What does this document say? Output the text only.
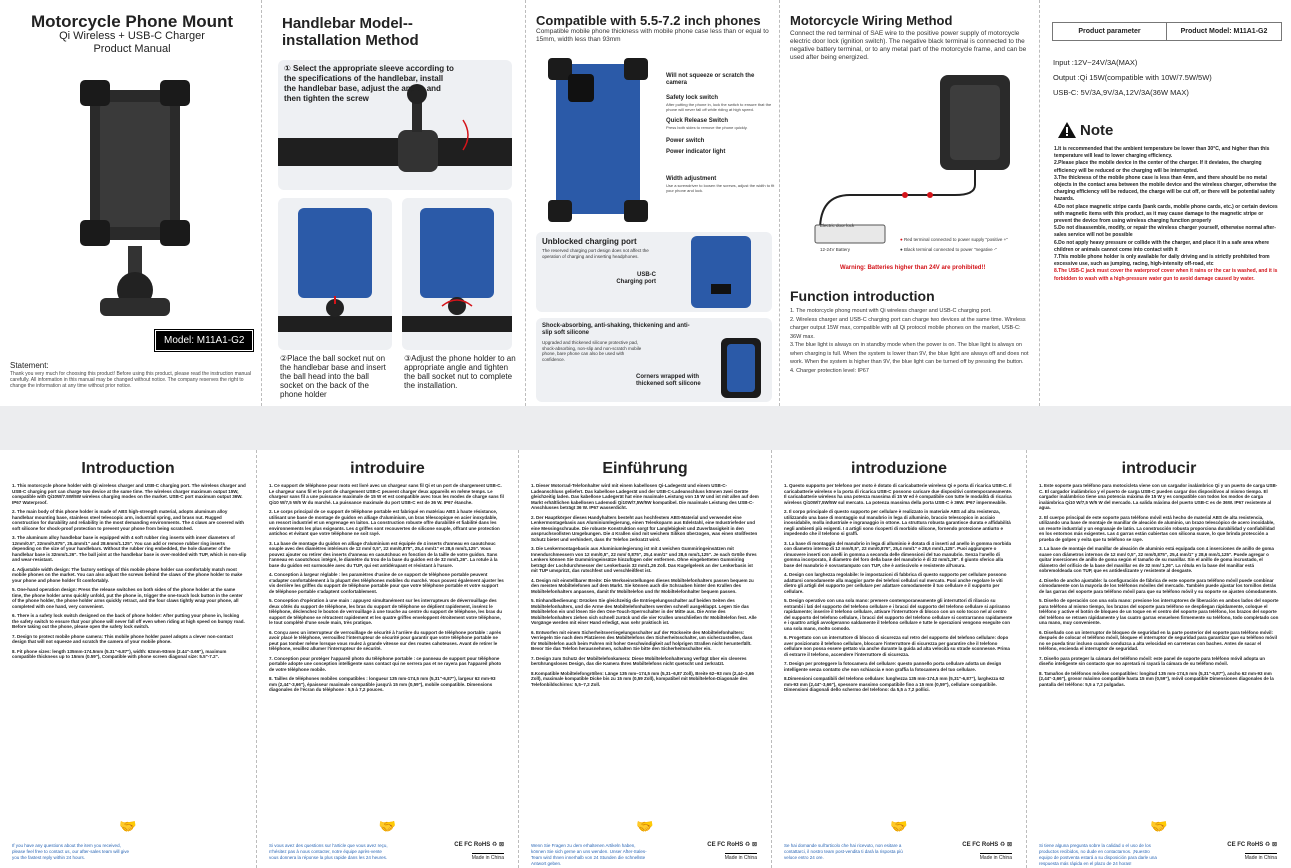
Motorcycle Phone Mount
Qi Wireless + USB-C Charger
Product Manual
Model: M11A1-G2
Statement:
Thank you very much for choosing this product! Before using this product, please read the instruction manual carefully. All information in this manual may be changed without notice. The company reserves the right to change the information at any time without prior notice.
Handlebar Model--installation Method
① Select the appropriate sleeve according to the specifications of the handlebar, install the handlebar base, adjust the angle, and then tighten the screw
②Place the ball socket nut on the handlebar base and insert the ball head into the ball socket on the back of the phone holder
③Adjust the phone holder to an appropriate angle and tighten the ball socket nut to complete the installation.
Compatible with 5.5-7.2 inch phones
Compatible mobile phone thickness with mobile phone case less than or equal to 15mm, width less than 93mm
Will not squeeze or scratch the camera
Safety lock switch
After putting the phone in, lock the switch to ensure that the phone will never fall off while riding at high speed.
Quick Release Switch
Press both sides to remove the phone quickly.
Power switch
Power indicator light
Width adjustment
Use a screwdriver to loosen the screws, adjust the width to fit your phone and lock.
Unblocked charging port
The reserved charging port design does not affect the operation of charging and inserting headphones.
USB-C Charging port
Shock-absorbing, anti-shaking, thickening and anti-slip soft silicone
Upgraded and thickened silicone protective pad, shock-absorbing, non-slip and non-scratch mobile phone, bare phone can also be used with confidence.
Corners wrapped with thickened soft silicone
Motorcycle Wiring Method
Connect the red terminal of SAE wire to the positive power supply of motorcycle electric door lock (ignition switch). The negative black terminal is connected to the negative battery terminal, or to any metal part of the motorcycle frame, and can be used after being energized.
Electric door lock
12-24V Battery
● Red terminal connected to power supply "positive +"
● Black terminal connected to power "negative -"
Warning: Batteries higher than 24V are prohibited!!
Function introduction
1. The motorcycle phong mount with Qi wireless charger and USB-C charging port.
2. Wireless charger and USB-C charging port can charge two devices at the same time. Wireless charger output 15W max, compatible with all Qi protocol mobile phones on the market, USB-C: 36W max.
3.The blue light is always on in standby mode when the power is on. The blue light is always on when charging is full. When the system is lower than 9V, the blue light are always off and does not work. When the system is higher than 9V, the blue light can be turned off by pressing the button.
4. Charger protection level: IP67
Product parameter	Product Model: M11A1-G2
Input :12V~24V/3A(MAX)
Output :Qi 15W(compatible with 10W/7.5W/5W)
USB-C: 5V/3A,9V/3A,12V/3A(36W MAX)
Note
1.It is recommended that the ambient temperature be lower than 30°C, and higher than this temperature will lead to lower charging efficiency.
2.Please place the mobile device in the center of the charger. If it deviates, the charging efficiency will be reduced or the charging will be interrupted.
3.The thickness of the mobile phone case is less than 4mm, and there should be no metal objects in the contact area between the mobile device and the wireless charger, otherwise the charging efficiency will be reduced, the charge will be cut off, or there will be potential safety hazards.
4.Do not place magnetic stripe cards (bank cards, mobile phone cards, etc.) or certain devices with magnetic items with this product, as it may cause damage to the magnetic stripe or prevent the device from using wireless charging function properly
5.Do not disassemble, modify, or repair the wireless charger yourself, otherwise normal after-sales service will not be possible
6.Do not apply heavy pressure or collide with the charger, and place it in a safe area where children or animals cannot come into contact with it
7.This mobile phone holder is only available for daily driving and is strictly prohibited from excessive use, such as jumping, racing, high-intensity off-road, etc
8.The USB-C jack must cover the waterproof cover when it rains or the car is washed, and it is forbidden to wash with a high-pressure water gun to avoid damage caused by water.
Introduction

1. This motorcycle phone holder with Qi wireless charger and USB-C charging port. The wireless charger and USB-C charging port can charge two device at the same time. The wireless charger maximum output 15W, compatible with Qi10W/7.5W/5W wireless charging modes on the market. USB-C port maximum output 36W. IP67 Waterproof.

2. The main body of this phone holder is made of ABS high-strength material, adopts aluminum alloy handlebar mounting base, stainless steel telescopic arm, industrial spring, and brass nut. Rugged construction for durability and reliability in the most demanding environments. The 4 claws are covered with soft silicone for shock-proof protection to prevent your phone from being scratched.

3. The aluminum alloy handlebar base is equipped with 4 soft rubber ring inserts with inner diameters of 12mm/0.5", 22mm/0.875", 25.4mm/1" and 28.6mm/1.125". You can add or remove rubber ring inserts depending on the size of your handlebars. Without the rubber ring embedded, the hole diameter of the handlebar base is 32mm/1.26". The ball joint at the handlebar base is over-molded with TUP, which is non-slip and wear-resistant.

4. Adjustable width design: The factory settings of this mobile phone holder can comfortably match most mobile phones on the market. You can also adjust the screws behind the claws of the phone holder to make your phone and phone holder fit comfortably.

5. One-hand operation design: Press the release switches on both sides of the phone holder at the same time, the phone holder arms quickly unfold, put the phone in, trigger the one-touch lock button in the center of the phone holder, the phone holder arms quickly retract, and the four claws tightly wrap your phone, all completed with one hand, very convenient.

6. There is a safety lock switch designed on the back of phone holder: After putting your phone in, locking the safety switch to ensure that your phone will never fall off even when riding at high speed on bumpy road. Before taking out the phone, please open the safety lock switch.

7. Design to protect mobile phone camera: This mobile phone holder panel adopts a clever non-contact design that will not squeeze and scratch the camera of your mobile phone.

8. Fit phone sizes: length 135mm-174.5mm (5.31"-6.87"), width: 62mm-93mm (2.44"-3.66"), maximum compatible thickness up to 15mm (0.59"), Compatible with phone screen diagonal size: 5.5"-7.2".

🤝
If you have any questions about the item you received, please feel free to contact us, our after-sales team will give you the fastest reply within 24 hours.
introduire

1. Ce support de téléphone pour moto est livré avec un chargeur sans fil Qi et un port de chargement USB-C. Le chargeur sans fil et le port de chargement USB-C peuvent charger deux appareils en même temps. Le chargeur sans fil a une puissance maximale de 15 W et est compatible avec tous les modes de charge sans fil Qi10 W/7,5 W/5 W du marché. La puissance maximale du port USB-C est de 36 W. IP67 étanche.

2. Le corps principal de ce support de téléphone portable est fabriqué en matériau ABS à haute résistance, utilisant une base de montage de guidon en alliage d'aluminium, un bras télescopique en acier inoxydable, un ressort industriel et un engrenage en laiton. La construction robuste offre durabilité et fiabilité dans les environnements les plus exigeants. Les 4 griffes sont recouvertes de silicone souple, offrant une protection antichoc et évitant que votre téléphone ne soit rayé.

3. La base de montage du guidon en alliage d'aluminium est équipée de 4 inserts d'anneau en caoutchouc souple avec des diamètres intérieurs de 12 mm/ 0,5", 22 mm/0,875", 25,4 mm/1" et 28,6 mm/1,125". Vous pouvez ajouter ou retirer des inserts d'anneau en caoutchouc en fonction de la taille de votre guidon. Sans l'anneau en caoutchouc intégré, le diamètre du trou de la base du guidon est de 32 mm/1,26". La rotule à la base du guidon est surmoulée avec du TUP, qui est antidérapant et résistant à l'usure.

4. Conception à largeur réglable : les paramètres d'usine de ce support de téléphone portable peuvent s'adapter confortablement à la plupart des téléphones mobiles du marché. Vous pouvez également ajuster les vis derrière les griffes du support de téléphone portable pour que votre téléphone portable et votre support de téléphone portable s'adaptent confortablement.

5. Conception d'opération à une main : appuyez simultanément sur les interrupteurs de déverrouillage des deux côtés du support de téléphone, les bras du support de téléphone se déplient rapidement, insérez le téléphone, déclenchez le bouton de verrouillage à une touche au centre du support de téléphone, les bras du support de téléphone se rétractent rapidement et les quatre griffes enveloppent étroitement votre téléphone, le tout complété d'une seule main, très pratique.

6. Conçu avec un interrupteur de verrouillage de sécurité à l'arrière du support de téléphone portable : après avoir placé le téléphone, verrouillez l'interrupteur de sécurité pour garantir que votre téléphone portable ne peut pas tomber même lorsque vous roulez à grande vitesse sur des routes cahoteuses. Avant de retirer le téléphone, veuillez allumer l'interrupteur de sécurité.

7. Conception pour protéger l'appareil photo du téléphone portable : ce panneau de support pour téléphone portable adopte une conception intelligente sans contact qui ne serrera pas et ne rayera pas l'appareil photo de votre téléphone mobile.

8. Tailles de téléphones mobiles compatibles : longueur 135 mm-174,5 mm (5,31"-6,87"), largeur 62 mm-93 mm (2,44"-3,66"), épaisseur maximale compatible jusqu'à 15 mm (0,59"), mobile compatible. Dimensions diagonales de l'écran du téléphone : 5,5 à 7,2 pouces.

🤝
Si vous avez des questions sur l'article que vous avez reçu, n'hésitez pas à nous contacter, notre équipe après-vente vous donnera la réponse la plus rapide dans les 24 heures.
CE FC RoHS ♻ ⊠
Made in China
Einführung

1. Dieser Motorrad-Telefonhalter wird mit einem kabellosen Qi-Ladegerät und einem USB-C-Ladeanschluss geliefert. Das kabellose Ladegerät und der USB-C-Ladeanschluss können zwei Geräte gleichzeitig laden. Das kabellose Ladegerät hat eine maximale Leistung von 15 W und ist mit allen auf dem Markt erhältlichen kabellosen Lademodi Qi10W/7,5W/5W kompatibel. Die maximale Leistung des USB-C-Anschlusses beträgt 36 W. IP67 wasserdicht.

2. Der Hauptkörper dieses Handyhalters besteht aus hochfestem ABS-Material und verwendet eine Lenkermontagebasis aus Aluminiumlegierung, einen Teleskoparm aus Edelstahl, eine Industriefeder und eine Messingschraube. Die robuste Konstruktion sorgt für Langlebigkeit und Zuverlässigkeit in den anspruchsvollsten Umgebungen. Die 4 Krallen sind mit weichem Silikon überzogen, was einen stoßfesten Schutz bietet und verhindert, dass Ihr Telefon zerkratzt wird.

3. Die Lenkermontagebasis aus Aluminiumlegierung ist mit 4 weichen Gummiringeinsätzen mit Innendurchmessern von 12 mm/0,5", 22 mm/ 0,875", 25,4 mm/1" und 28,6 mm/1,125". Je nach Größe Ihres Lenkers können Sie Gummiringeinsätze hinzufügen oder entfernen. Ohne eingebetteten Gummiring beträgt der Lochdurchmesser der Lenkerbasis 32 mm/1,26 Zoll. Das Kugelgelenk an der Lenkerbasis ist mit TUP umspritzt, das rutschfest und verschleißfest ist.

4. Design mit einstellbarer Breite: Die Werkseinstellungen dieses Mobiltelefonhalters passen bequem zu den meisten Mobiltelefonen auf dem Markt. Sie können auch die Schrauben hinter den Krallen des Mobiltelefonhalters anpassen, damit Ihr Mobiltelefon und Ihr Mobiltelefonhalter bequem passen.

5. Einhandbedienung: Drücken Sie gleichzeitig die Entriegelungsschalter auf beiden Seiten des Mobiltelefonhalters, und die Arme des Mobiltelefonhalters werden schnell ausgeklappt. Legen Sie das Mobiltelefon ein und lösen Sie den One-Touch-Sperrschalter in der Mitte aus. Die Arme des Mobiltelefonhalters ziehen sich schnell zurück und die vier Krallen umschließen Ihr Mobiltelefon fest. Alle Vorgänge werden mit einer Hand erledigt, was sehr praktisch ist.

6. Entworfen mit einem Sicherheitsverriegelungsschalter auf der Rückseite des Mobiltelefonhalters: Verriegeln Sie nach dem Platzieren des Mobiltelefons den Sicherheitsschalter, um sicherzustellen, dass Ihr Mobiltelefon auch beim Fahren mit hoher Geschwindigkeit auf holprigen Straßen nicht herunterfällt. Bevor Sie das Telefon herausnehmen, schalten Sie bitte den Sicherheitsschalter ein.

7. Design zum Schutz der Mobiltelefonkamera: Diese Mobiltelefonhalterung verfügt über ein cleveres berührungsloses Design, das die Kamera Ihres Mobiltelefons nicht quetscht und zerkratzt.

8.Kompatible Mobiltelefongrößen: Länge 135 mm–174,5 mm (5,31–6,87 Zoll), Breite 62–93 mm (2,44–3,66 Zoll), maximale kompatible Dicke bis zu 15 mm (0,59 Zoll), kompatibel mit Mobiltelefon-Diagonale des Telefonbildschirms: 5,5–7,2 Zoll.

🤝
Wenn Sie Fragen zu dem erhaltenen Artikeln haben, können Sie sich gerne an uns wenden. Unser After-Sales-Team wird Ihnen innerhalb von 24 Stunden die schnellste Antwort geben.
CE FC RoHS ♻ ⊠
Made in China
introduzione

1. Questo supporto per telefono per moto è dotato di caricabatterie wireless Qi e porta di ricarica USB-C. Il caricabatterie wireless e la porta di ricarica USB-C possono caricare due dispositivi contemporaneamente. Il caricabatterie wireless ha una potenza massima di 15 W ed è compatibile con tutte le modalità di ricarica wireless Qi10W/7,5W/5W sul mercato. La potenza massima della porta USB-C è 36W. IP67 impermeabile.

2. Il corpo principale di questo supporto per cellulare è realizzato in materiale ABS ad alta resistenza, utilizzando una base di montaggio sul manubrio in lega di alluminio, braccio telescopico in acciaio inossidabile, molla industriale e ingranaggio in ottone. La struttura robusta garantisce durata e affidabilità negli ambienti più esigenti. I 4 artigli sono ricoperti di morbido silicone, fornendo protezione antiurto e impedendo che il telefono si graffi.

3. La base di montaggio del manubrio in lega di alluminio è dotata di 4 inserti ad anello in gomma morbida con diametro interno di 12 mm/0,5", 22 mm/0,875", 25,4 mm/1" e 28,6 mm/1,125". Puoi aggiungere o rimuovere inserti con anelli in gomma a seconda delle dimensioni del tuo manubrio. Senza l'anello di gomma incorporato, il diametro del foro della base del manubrio è di 32 mm/1,26". Il giunto sferico alla base del manubrio è sovrastampato con TUP, che è antiscivolo e resistente all'usura.

4. Design con larghezza regolabile: le impostazioni di fabbrica di questo supporto per cellulare possono adattarsi comodamente alla maggior parte dei telefoni cellulari sul mercato. Puoi anche regolare le viti dietro gli artigli del supporto per cellulare per adattare comodamente il tuo cellulare e il supporto per cellulare.

5. Design operativo con una sola mano: premere contemporaneamente gli interruttori di rilascio su entrambi i lati del supporto del telefono cellulare e i bracci del supporto del telefono cellulare si apriranno rapidamente; inserire il telefono cellulare, attivare l'interruttore di blocco con un solo tocco nel al centro del supporto del telefono cellulare, i bracci del supporto del telefono cellulare si contrarranno rapidamente e i quattro artigli avvolgeranno saldamente il telefono cellulare e tutte le operazioni vengono eseguite con una sola mano, molto comodo.

6. Progettato con un interruttore di blocco di sicurezza sul retro del supporto del telefono cellulare: dopo aver posizionato il telefono cellulare, bloccare l'interruttore di sicurezza per garantire che il telefono cellulare non possa essere gettato via anche durante la guida ad alta velocità su strade sconnesse. Prima di estrarre il telefono, accendere l'interruttore di sicurezza.

7. Design per proteggere la fotocamera del cellulare: questo pannello porta cellulare adotta un design intelligente senza contatto che non schiaccia e non graffia la fotocamera del tuo cellulare.

8.Dimensioni compatibili del telefono cellulare: lunghezza 135 mm-174,5 mm (5,31"-6,87"), larghezza 62 mm-93 mm (2,44"-3,66"), spessore massimo compatibile fino a 15 mm (0,59"), cellulare compatibile. Dimensioni diagonali dello schermo del telefono: da 5,5 a 7,2 pollici.

🤝
Se hai domande sull'articolo che hai ricevuto, non esitare a contattarci, il nostro team post-vendita ti darà la risposta più veloce entro 24 ore.
CE FC RoHS ♻ ⊠
Made in China
introducir

1. Este soporte para teléfono para motocicleta viene con un cargador inalámbrico Qi y un puerto de carga USB-C. El cargador inalámbrico y el puerto de carga USB-C pueden cargar dos dispositivos al mismo tiempo. El cargador inalámbrico tiene una potencia máxima de 15 W y es compatible con todos los modos de carga inalámbrica Qi10 W/7,5 W/5 W del mercado. La salida máxima del puerto USB-C es de 36W. IP67 resistente al agua.

2. El cuerpo principal de este soporte para teléfono móvil está hecho de material ABS de alta resistencia, utilizando una base de montaje de manillar de aleación de aluminio, un brazo telescópico de acero inoxidable, un resorte industrial y un engranaje de latón. La construcción robusta proporciona durabilidad y confiabilidad en los entornos más exigentes. Las 4 garras están cubiertas con silicona suave, lo que brinda protección a prueba de golpes y evita que tu teléfono se raye.

3. La base de montaje del manillar de aleación de aluminio está equipada con 4 inserciones de anillo de goma suave con diámetros internos de 12 mm/ 0,5", 22 mm/0,875", 25,4 mm/1" y 28,6 mm/1,125". Puede agregar o quitar inserciones de anillo de goma según el tamaño de su manillar. Sin el anillo de goma incrustado, el diámetro del orificio de la base del manillar es de 32 mm/ 1,26". La rótula en la base del manillar está sobremoldeada con TUP, que es antideslizante y resistente al desgaste.

4. Diseño de ancho ajustable: la configuración de fábrica de este soporte para teléfono móvil puede combinar cómodamente con la mayoría de los teléfonos móviles del mercado. También puede ajustar los tornillos detrás de las garras del soporte para teléfono móvil para que su teléfono móvil y su soporte se ajusten cómodamente.

5. Diseño de operación con una sola mano: presione los interruptores de liberación en ambos lados del soporte para teléfono al mismo tiempo, los brazos del soporte para teléfono se despliegan rápidamente, coloque el teléfono y active el botón de bloqueo de un toque en el centro del soporte para teléfono, los brazos del soporte del teléfono se retraen rápidamente y las cuatro garras envuelven firmemente su teléfono, todo completado con una mano, muy conveniente.

6. Diseñado con un interruptor de bloqueo de seguridad en la parte posterior del soporte para teléfono móvil: después de colocar el teléfono móvil, bloquee el interruptor de seguridad para garantizar que su teléfono móvil no se pueda tirar incluso cuando conduzca a alta velocidad en carreteras con baches. Antes de sacar el teléfono, encienda el interruptor de seguridad.

7. Diseño para proteger la cámara del teléfono móvil: este panel de soporte para teléfono móvil adopta un diseño inteligente sin contacto que no apretará ni rayará la cámara de su teléfono móvil.

8. Tamaños de teléfonos móviles compatibles: longitud 135 mm-174,5 mm (5,31"-6,87"), ancho 62 mm-93 mm (2,44"-3,66"), grosor máximo compatible hasta 15 mm (0,59"), móvil compatible Dimensiones diagonales de la pantalla del teléfono: 5,5 a 7,2 pulgadas.

🤝
Si tiene alguna pregunta sobre la calidad o el uso de los productos recibidos, no dude en contactarnos. ¡Nuestro equipo de postventa estará a su disposición para darle una respuesta más rápida en el plazo de 24 horas!
CE FC RoHS ♻ ⊠
Made in China
